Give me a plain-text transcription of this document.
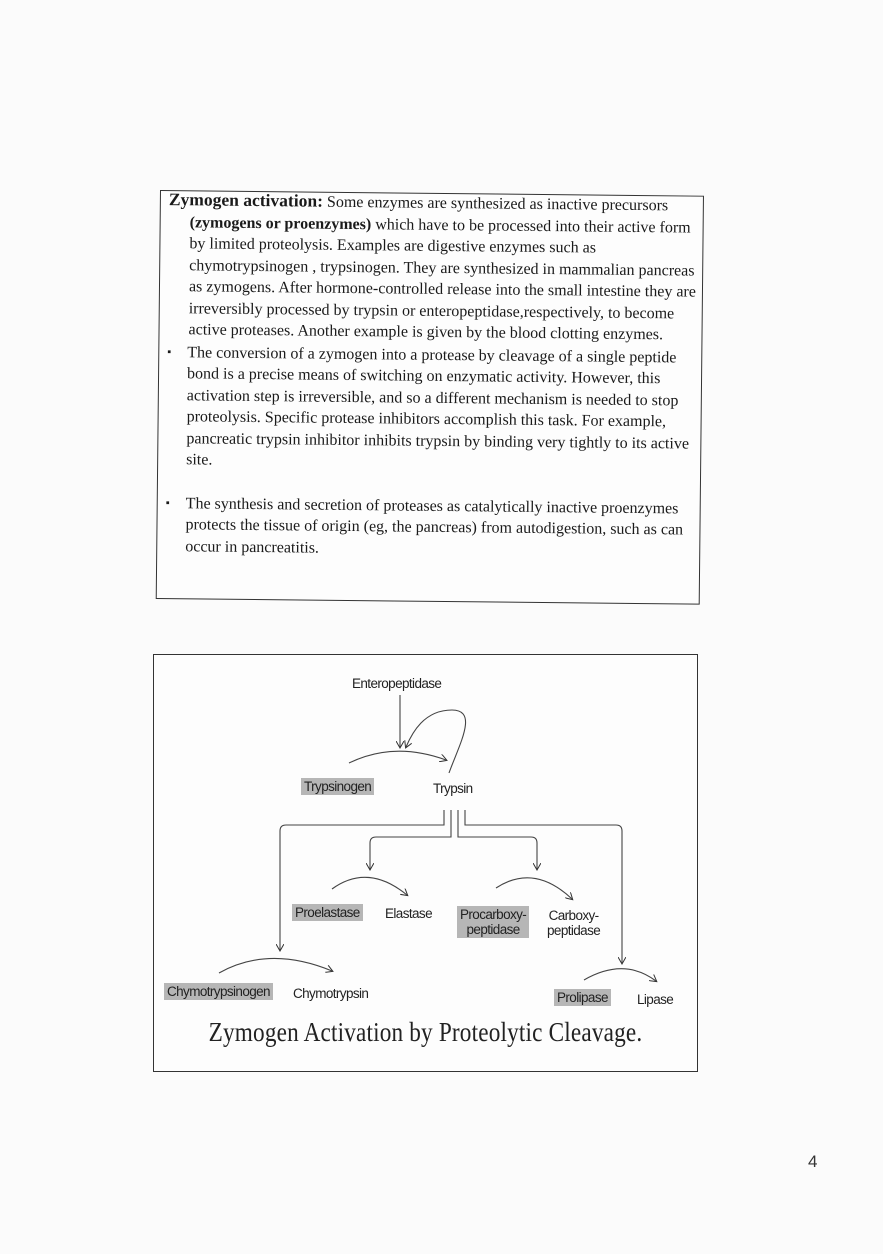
Zymogen activation: Some enzymes are synthesized as inactive precursors (zymogens or proenzymes) which have to be processed into their active form by limited proteolysis. Examples are digestive enzymes such as chymotrypsinogen , trypsinogen. They are synthesized in mammalian pancreas as zymogens. After hormone-controlled release into the small intestine they are irreversibly processed by trypsin or enteropeptidase,respectively, to become active proteases. Another example is given by the blood clotting enzymes.

▪ The conversion of a zymogen into a protease by cleavage of a single peptide bond is a precise means of switching on enzymatic activity. However, this activation step is irreversible, and so a different mechanism is needed to stop proteolysis. Specific protease inhibitors accomplish this task. For example, pancreatic trypsin inhibitor inhibits trypsin by binding very tightly to its active site.
▪ The synthesis and secretion of proteases as catalytically inactive proenzymes protects the tissue of origin (eg, the pancreas) from autodigestion, such as can occur in pancreatitis.
Enteropeptidase
Trypsinogen	Trypsin
Proelastase Elastase Procarboxy-
peptidase
Carboxy-
peptidase
Chymotrypsinogen Chymotrypsin	Prolipase Lipase
Zymogen Activation by Proteolytic Cleavage.
4
